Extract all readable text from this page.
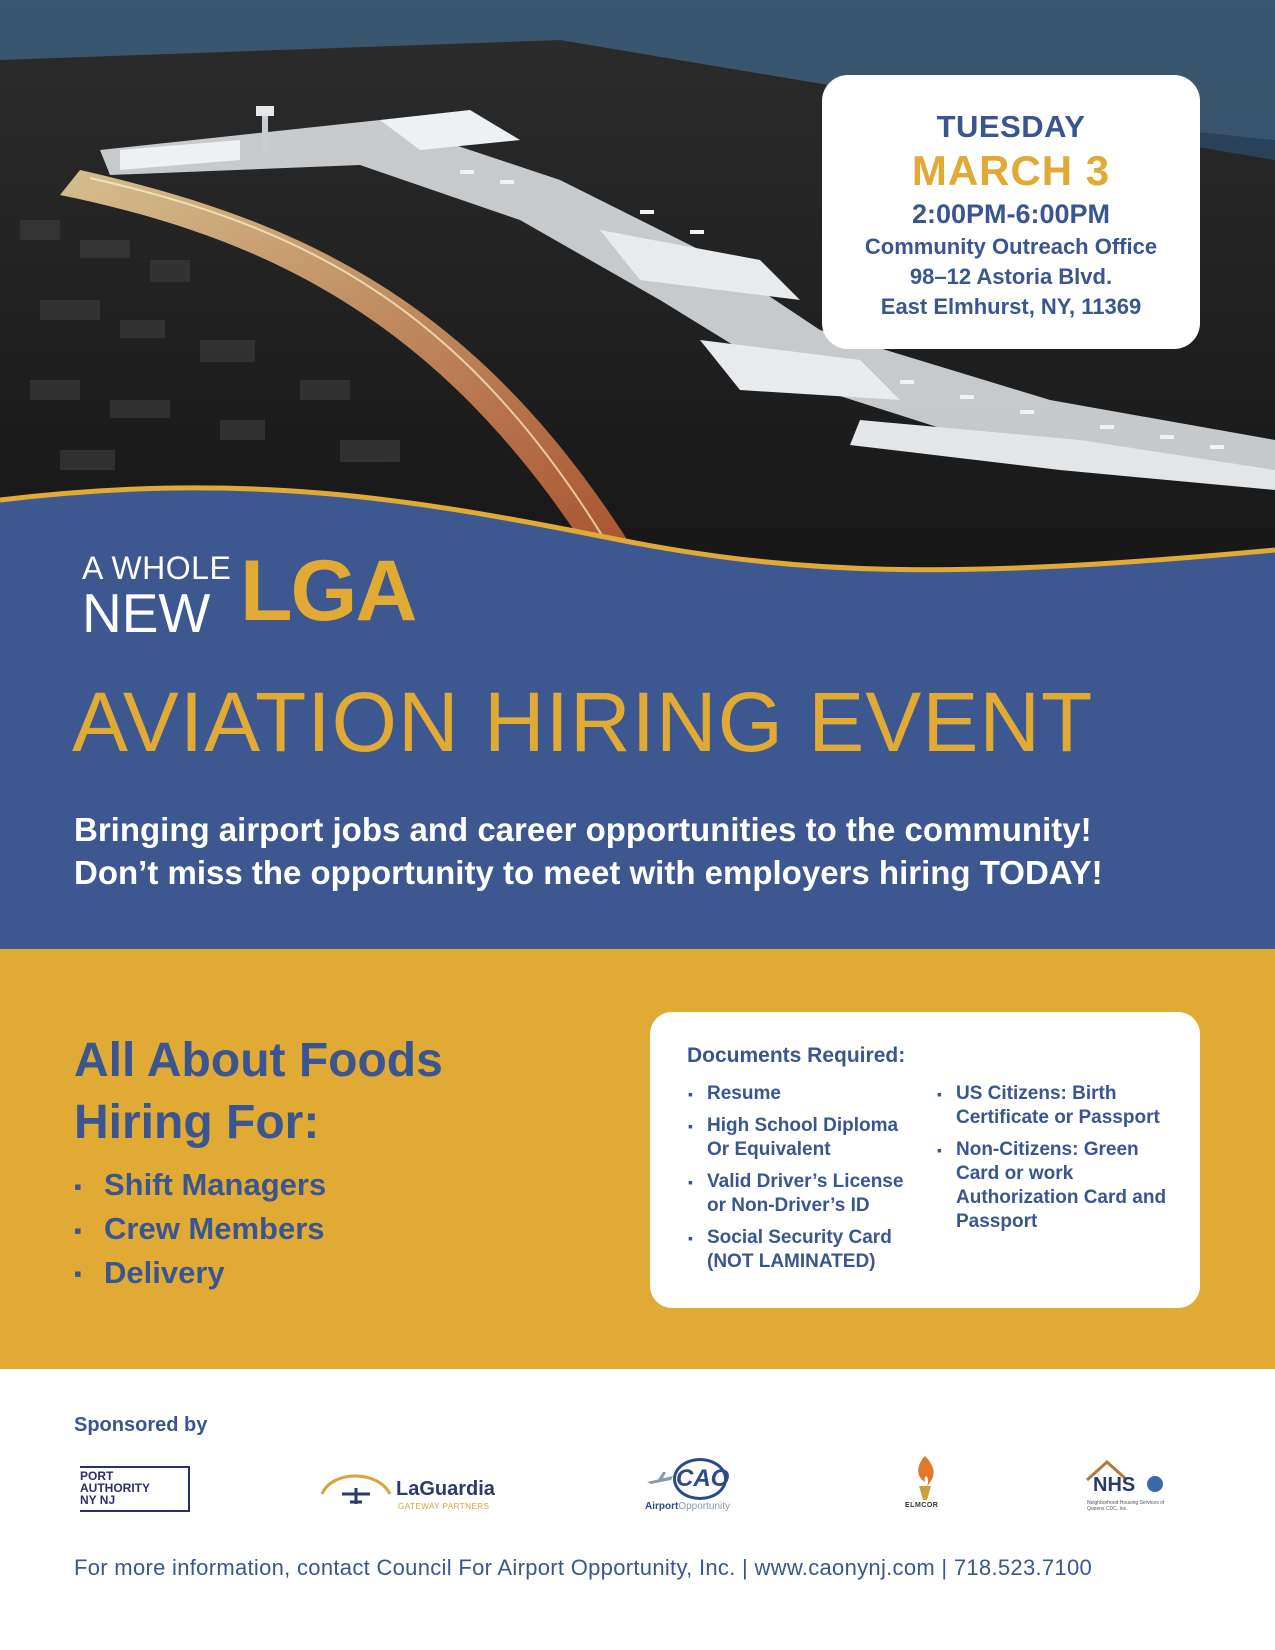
TUESDAY
MARCH 3
2:00PM-6:00PM
Community Outreach Office
98–12 Astoria Blvd.
East Elmhurst, NY, 11369
A WHOLE
NEW LGA
AVIATION HIRING EVENT
Bringing airport jobs and career opportunities to the community!
Don’t miss the opportunity to meet with employers hiring TODAY!
All About Foods
Hiring For:
▪ Shift Managers
▪ Crew Members
▪ Delivery
Documents Required:
▪ Resume
▪ High School Diploma Or Equivalent
▪ Valid Driver’s License or Non-Driver’s ID
▪ Social Security Card (NOT LAMINATED)
▪ US Citizens: Birth Certificate or Passport
▪ Non-Citizens: Green Card or work Authorization Card and Passport
Sponsored by
PORT
AUTHORITY
NY NJ	LaGuardia
GATEWAY PARTNERS
CAO
AirportOpportunity	ELMCOR
NHS
Neighborhood Housing Services of Queens CDC, Inc.
For more information, contact Council For Airport Opportunity, Inc. | www.caonynj.com | 718.523.7100
